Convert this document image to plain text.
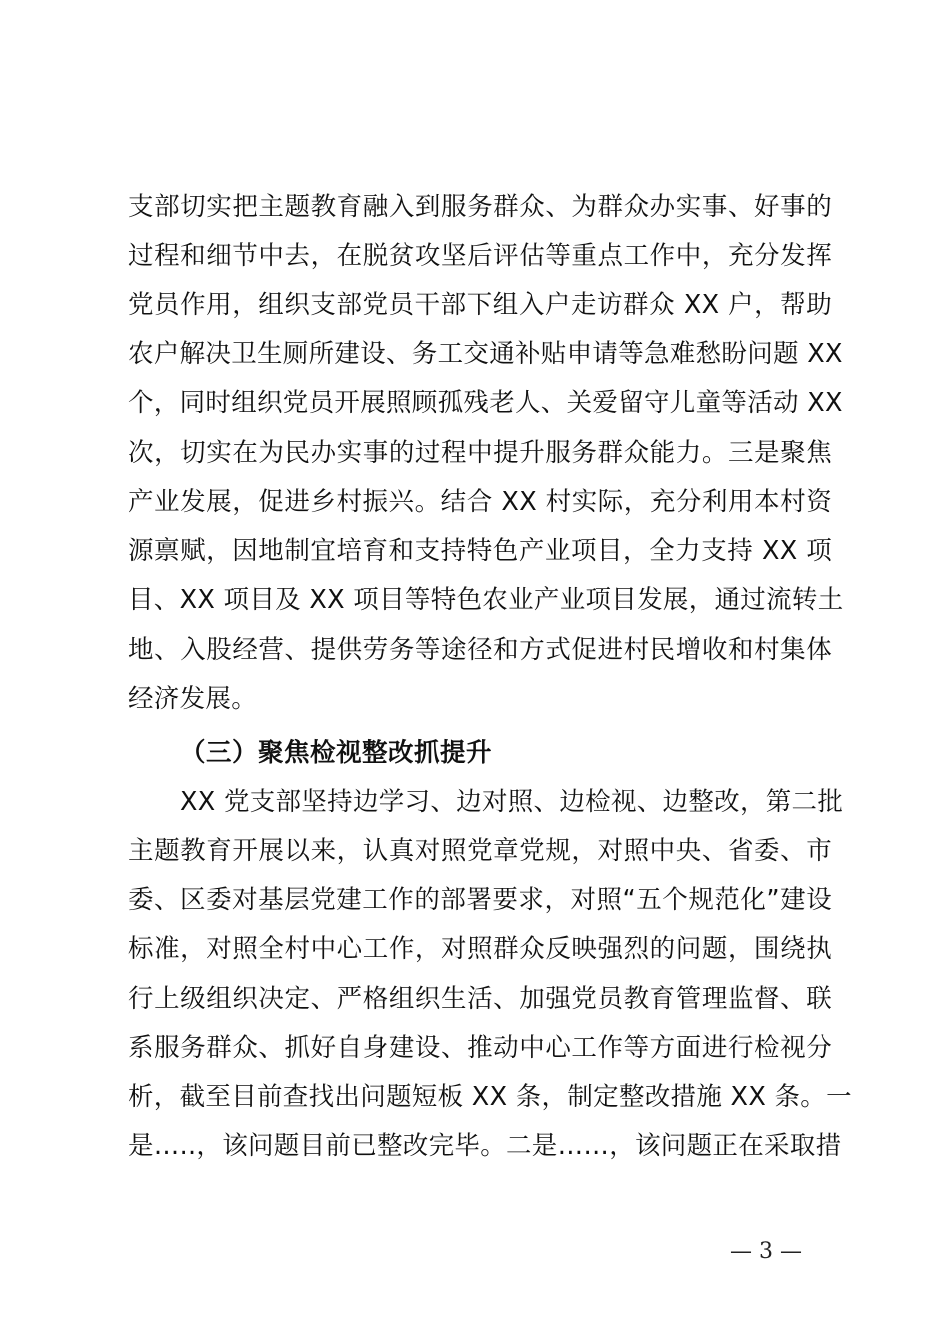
支部切实把主题教育融入到服务群众、为群众办实事、好事的
过程和细节中去，在脱贫攻坚后评估等重点工作中，充分发挥
党员作用，组织支部党员干部下组入户走访群众 XX 户，帮助
农户解决卫生厕所建设、务工交通补贴申请等急难愁盼问题 XX
个，同时组织党员开展照顾孤残老人、关爱留守儿童等活动 XX
次，切实在为民办实事的过程中提升服务群众能力。三是聚焦
产业发展，促进乡村振兴。结合 XX 村实际，充分利用本村资
源禀赋，因地制宜培育和支持特色产业项目，全力支持 XX 项
目、XX 项目及 XX 项目等特色农业产业项目发展，通过流转土
地、入股经营、提供劳务等途径和方式促进村民增收和村集体
经济发展。
（三）聚焦检视整改抓提升
XX 党支部坚持边学习、边对照、边检视、边整改，第二批
主题教育开展以来，认真对照党章党规，对照中央、省委、市
委、区委对基层党建工作的部署要求，对照“五个规范化”建设
标准，对照全村中心工作，对照群众反映强烈的问题，围绕执
行上级组织决定、严格组织生活、加强党员教育管理监督、联
系服务群众、抓好自身建设、推动中心工作等方面进行检视分
析，截至目前查找出问题短板 XX 条，制定整改措施 XX 条。一
是…..，该问题目前已整改完毕。二是……，该问题正在采取措
— 3 —
